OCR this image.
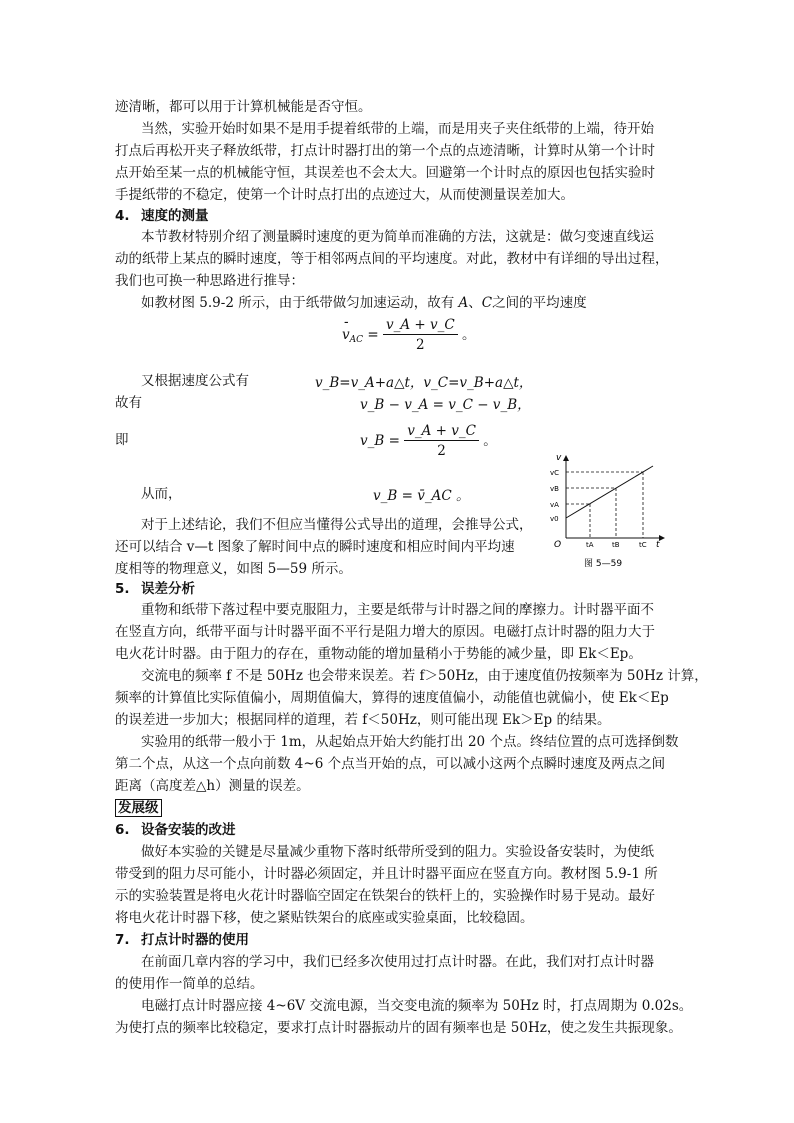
迹清晰，都可以用于计算机械能是否守恒。
当然，实验开始时如果不是用手提着纸带的上端，而是用夹子夹住纸带的上端，待开始
打点后再松开夹子释放纸带，打点计时器打出的第一个点的点迹清晰，计算时从第一个计时
点开始至某一点的机械能守恒，其误差也不会太大。回避第一个计时点的原因也包括实验时
手提纸带的不稳定，使第一个计时点打出的点迹过大，从而使测量误差加大。
4. 速度的测量
本节教材特别介绍了测量瞬时速度的更为简单而准确的方法，这就是：做匀变速直线运
动的纸带上某点的瞬时速度，等于相邻两点间的平均速度。对此，教材中有详细的导出过程，
我们也可换一种思路进行推导：
如教材图 5.9-2 所示，由于纸带做匀加速运动，故有 A、C之间的平均速度
- $v_{AC} = \frac{v\_A + v\_C}{2}$ 。
又根据速度公式有	v_B=v_A+a△t，v_C=v_B+a△t，
故有	v_B − v_A = v_C − v_B，
即	v_B = $\frac{v\_A + v\_C}{2}$ 。
从而，	v_B = v̄_AC 。
对于上述结论，我们不但应当懂得公式导出的道理，会推导公式，
还可以结合 v—t 图象了解时间中点的瞬时速度和相应时间内平均速
度相等的物理意义，如图 5—59 所示。
v
vC
vB
vA
v0
O	tA	tB	tC t
图 5—59
5. 误差分析
重物和纸带下落过程中要克服阻力，主要是纸带与计时器之间的摩擦力。计时器平面不
在竖直方向，纸带平面与计时器平面不平行是阻力增大的原因。电磁打点计时器的阻力大于
电火花计时器。由于阻力的存在，重物动能的增加量稍小于势能的减少量，即 Ek＜Ep。
交流电的频率 f 不是 50Hz 也会带来误差。若 f＞50Hz，由于速度值仍按频率为 50Hz 计算，
频率的计算值比实际值偏小，周期值偏大，算得的速度值偏小，动能值也就偏小，使 Ek＜Ep
的误差进一步加大；根据同样的道理，若 f＜50Hz，则可能出现 Ek＞Ep 的结果。
实验用的纸带一般小于 1m，从起始点开始大约能打出 20 个点。终结位置的点可选择倒数
第二个点，从这一个点向前数 4~6 个点当开始的点，可以减小这两个点瞬时速度及两点之间
距离（高度差△h）测量的误差。
发展级
6. 设备安装的改进
做好本实验的关键是尽量减少重物下落时纸带所受到的阻力。实验设备安装时，为使纸
带受到的阻力尽可能小，计时器必须固定，并且计时器平面应在竖直方向。教材图 5.9-1 所
示的实验装置是将电火花计时器临空固定在铁架台的铁杆上的，实验操作时易于晃动。最好
将电火花计时器下移，使之紧贴铁架台的底座或实验桌面，比较稳固。
7. 打点计时器的使用
在前面几章内容的学习中，我们已经多次使用过打点计时器。在此，我们对打点计时器
的使用作一简单的总结。
电磁打点计时器应接 4~6V 交流电源，当交变电流的频率为 50Hz 时，打点周期为 0.02s。
为使打点的频率比较稳定，要求打点计时器振动片的固有频率也是 50Hz，使之发生共振现象。
